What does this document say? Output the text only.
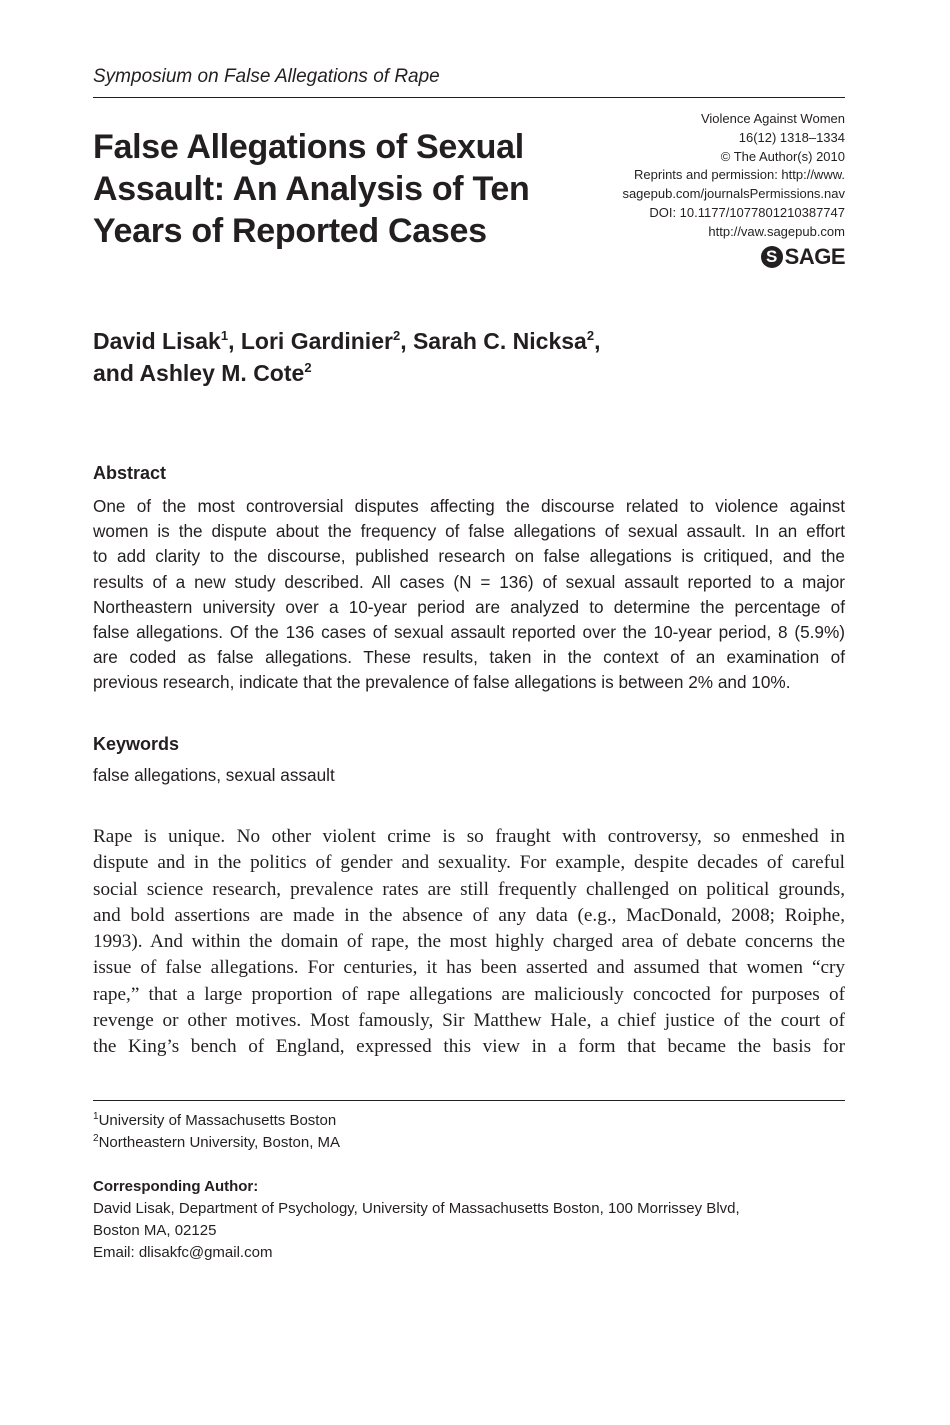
Symposium on False Allegations of Rape
False Allegations of Sexual
Assault: An Analysis of Ten
Years of Reported Cases
Violence Against Women
16(12) 1318–1334
© The Author(s) 2010
Reprints and permission: http://www.
sagepub.com/journalsPermissions.nav
DOI: 10.1177/1077801210387747
http://vaw.sagepub.com
S SAGE
David Lisak$^1$, Lori Gardinier$^2$, Sarah C. Nicksa$^2$,
and Ashley M. Cote$^2$
Abstract
One of the most controversial disputes affecting the discourse related to violence against
women is the dispute about the frequency of false allegations of sexual assault. In an effort
to add clarity to the discourse, published research on false allegations is critiqued, and the
results of a new study described. All cases (N = 136) of sexual assault reported to a major
Northeastern university over a 10-year period are analyzed to determine the percentage of
false allegations. Of the 136 cases of sexual assault reported over the 10-year period, 8 (5.9%)
are coded as false allegations. These results, taken in the context of an examination of
previous research, indicate that the prevalence of false allegations is between 2% and 10%.
Keywords
false allegations, sexual assault
Rape is unique. No other violent crime is so fraught with controversy, so enmeshed in
dispute and in the politics of gender and sexuality. For example, despite decades of careful
social science research, prevalence rates are still frequently challenged on political grounds,
and bold assertions are made in the absence of any data (e.g., MacDonald, 2008; Roiphe,
1993). And within the domain of rape, the most highly charged area of debate concerns the
issue of false allegations. For centuries, it has been asserted and assumed that women “cry
rape,” that a large proportion of rape allegations are maliciously concocted for purposes of
revenge or other motives. Most famously, Sir Matthew Hale, a chief justice of the court of
the King’s bench of England, expressed this view in a form that became the basis for
$^1$University of Massachusetts Boston
$^2$Northeastern University, Boston, MA
Corresponding Author:
David Lisak, Department of Psychology, University of Massachusetts Boston, 100 Morrissey Blvd,
Boston MA, 02125
Email: dlisakfc@gmail.com
